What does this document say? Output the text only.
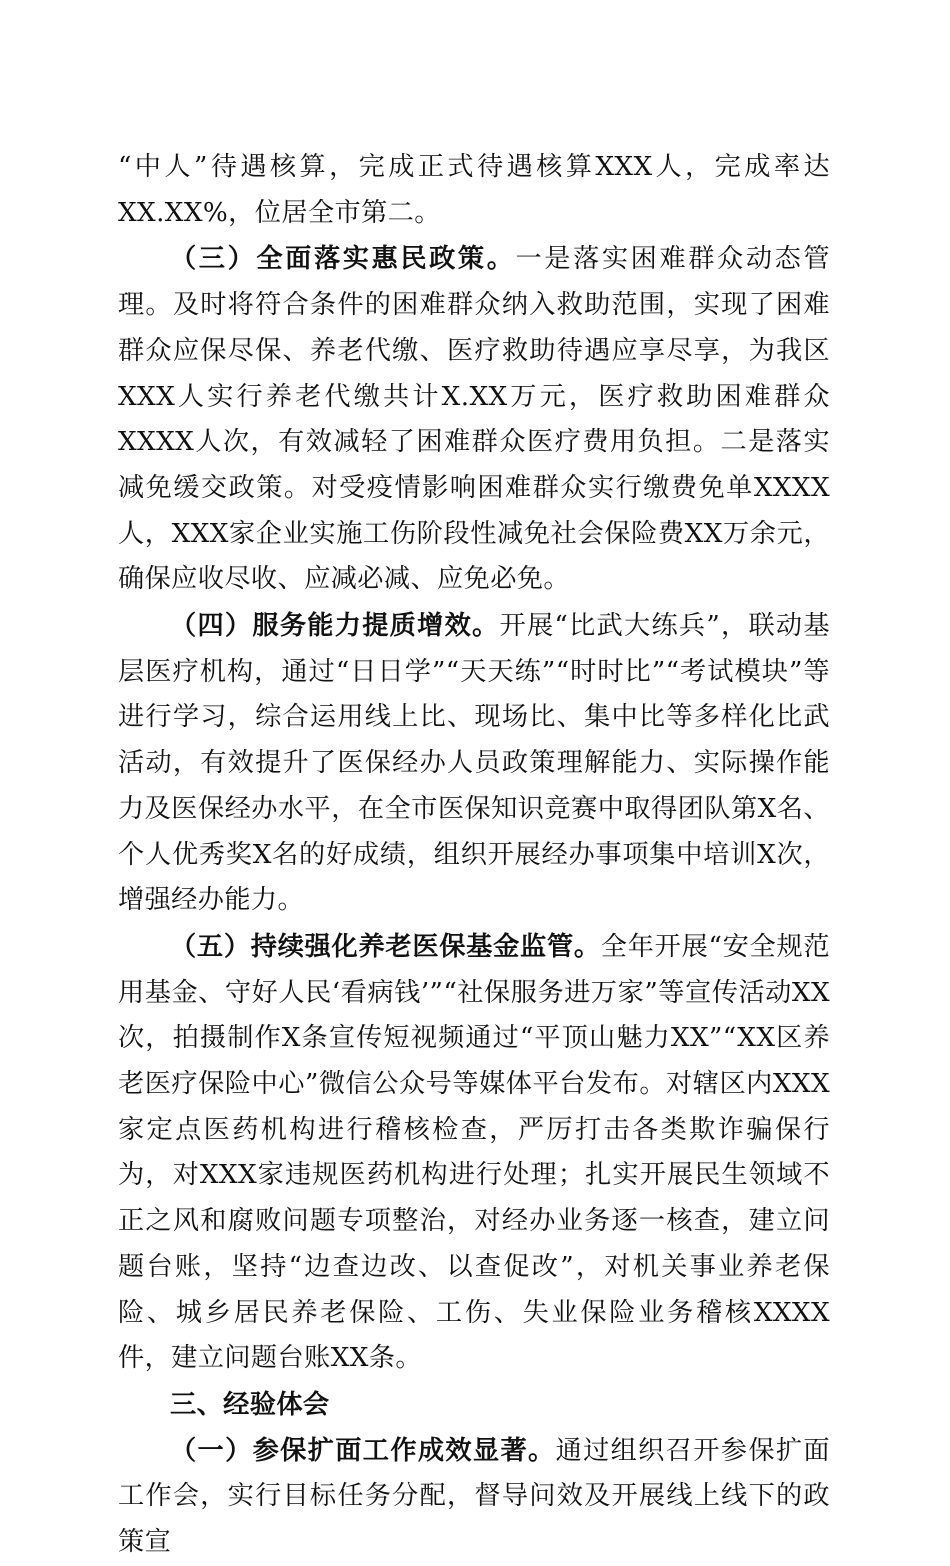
“中人”待遇核算，完成正式待遇核算XXX人，完成率达XX.XX%，位居全市第二。

（三）全面落实惠民政策。一是落实困难群众动态管理。及时将符合条件的困难群众纳入救助范围，实现了困难群众应保尽保、养老代缴、医疗救助待遇应享尽享，为我区XXX人实行养老代缴共计X.XX万元，医疗救助困难群众XXXX人次，有效减轻了困难群众医疗费用负担。二是落实减免缓交政策。对受疫情影响困难群众实行缴费免单XXXX人，XXX家企业实施工伤阶段性减免社会保险费XX万余元，确保应收尽收、应减必减、应免必免。

（四）服务能力提质增效。开展“比武大练兵”，联动基层医疗机构，通过“日日学”“天天练”“时时比”“考试模块”等进行学习，综合运用线上比、现场比、集中比等多样化比武活动，有效提升了医保经办人员政策理解能力、实际操作能力及医保经办水平，在全市医保知识竞赛中取得团队第X名、个人优秀奖X名的好成绩，组织开展经办事项集中培训X次，增强经办能力。

（五）持续强化养老医保基金监管。全年开展“安全规范用基金、守好人民‘看病钱’”“社保服务进万家”等宣传活动XX次，拍摄制作X条宣传短视频通过“平顶山魅力XX”“XX区养老医疗保险中心”微信公众号等媒体平台发布。对辖区内XXX家定点医药机构进行稽核检查，严厉打击各类欺诈骗保行为，对XXX家违规医药机构进行处理；扎实开展民生领域不正之风和腐败问题专项整治，对经办业务逐一核查，建立问题台账，坚持“边查边改、以查促改”，对机关事业养老保险、城乡居民养老保险、工伤、失业保险业务稽核XXXX件，建立问题台账XX条。

三、经验体会

（一）参保扩面工作成效显著。通过组织召开参保扩面工作会，实行目标任务分配，督导问效及开展线上线下的政策宣
